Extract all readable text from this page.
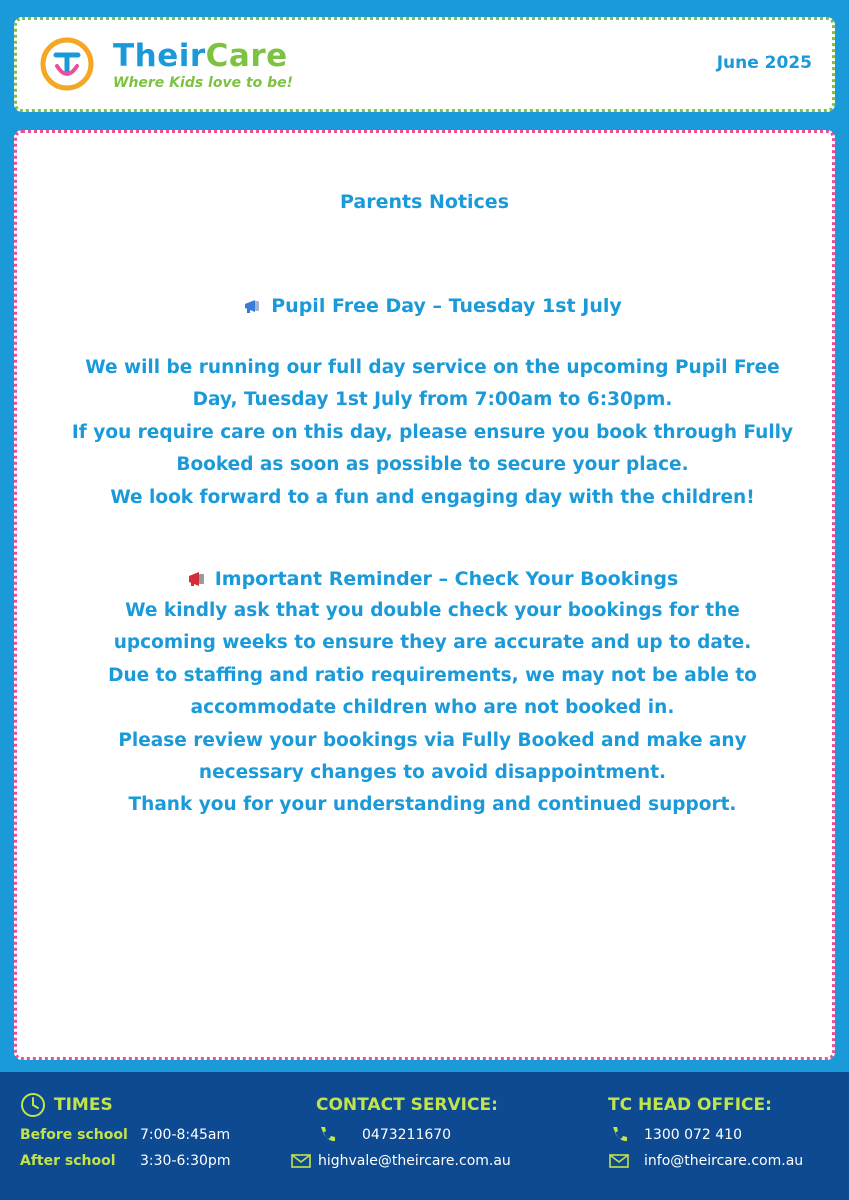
TheirCare
Where Kids love to be!
June 2025
Parents Notices
Pupil Free Day – Tuesday 1st July
We will be running our full day service on the upcoming Pupil Free
Day, Tuesday 1st July from 7:00am to 6:30pm.
If you require care on this day, please ensure you book through Fully
Booked as soon as possible to secure your place.
We look forward to a fun and engaging day with the children!
Important Reminder – Check Your Bookings
We kindly ask that you double check your bookings for the
upcoming weeks to ensure they are accurate and up to date.
Due to staffing and ratio requirements, we may not be able to
accommodate children who are not booked in.
Please review your bookings via Fully Booked and make any
necessary changes to avoid disappointment.
Thank you for your understanding and continued support.
TIMES
Before school 7:00-8:45am
After school	3:30-6:30pm
CONTACT SERVICE:
0473211670
highvale@theircare.com.au
TC HEAD OFFICE:
1300 072 410
info@theircare.com.au
